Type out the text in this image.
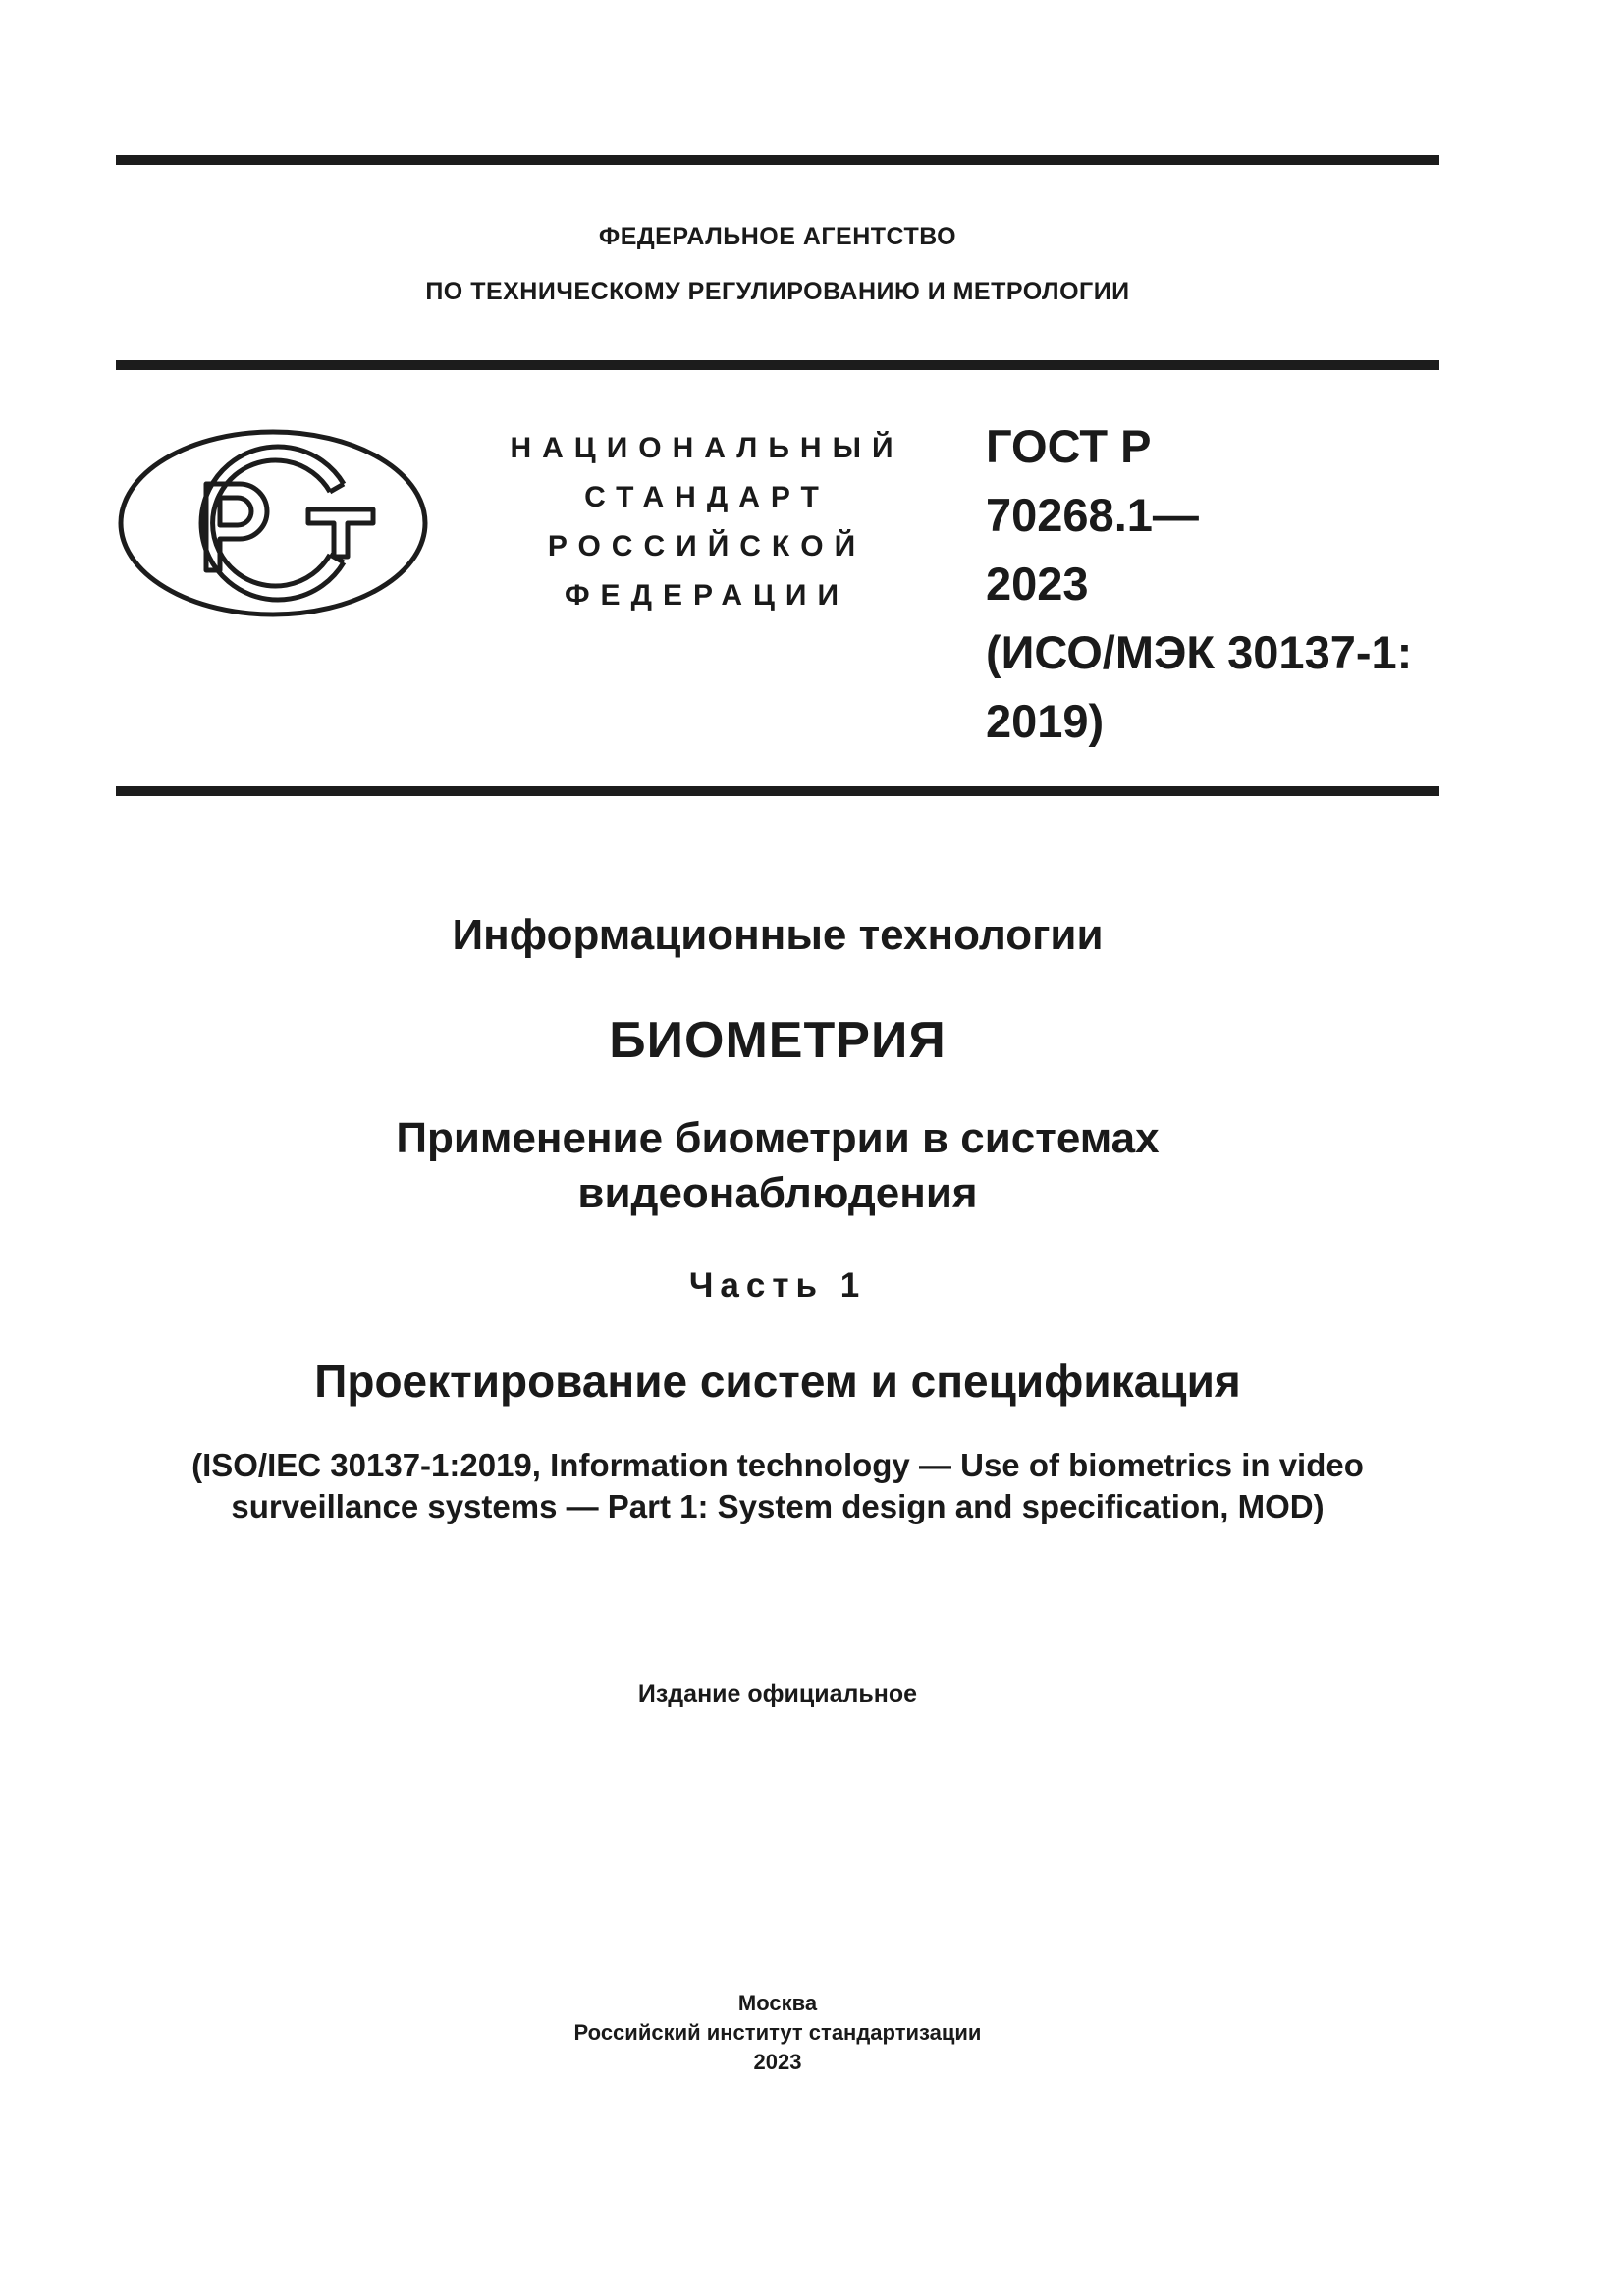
ФЕДЕРАЛЬНОЕ АГЕНТСТВО
ПО ТЕХНИЧЕСКОМУ РЕГУЛИРОВАНИЮ И МЕТРОЛОГИИ
НАЦИОНАЛЬНЫЙ
СТАНДАРТ
РОССИЙСКОЙ
ФЕДЕРАЦИИ
ГОСТ Р
70268.1—
2023
(ИСО/МЭК 30137-1:
2019)
Информационные технологии
БИОМЕТРИЯ
Применение биометрии в системах
видеонаблюдения
Часть 1
Проектирование систем и спецификация
(ISO/IEC 30137-1:2019, Information technology — Use of biometrics in video
surveillance systems — Part 1: System design and specification, MOD)
Издание официальное
Москва
Российский институт стандартизации
2023
